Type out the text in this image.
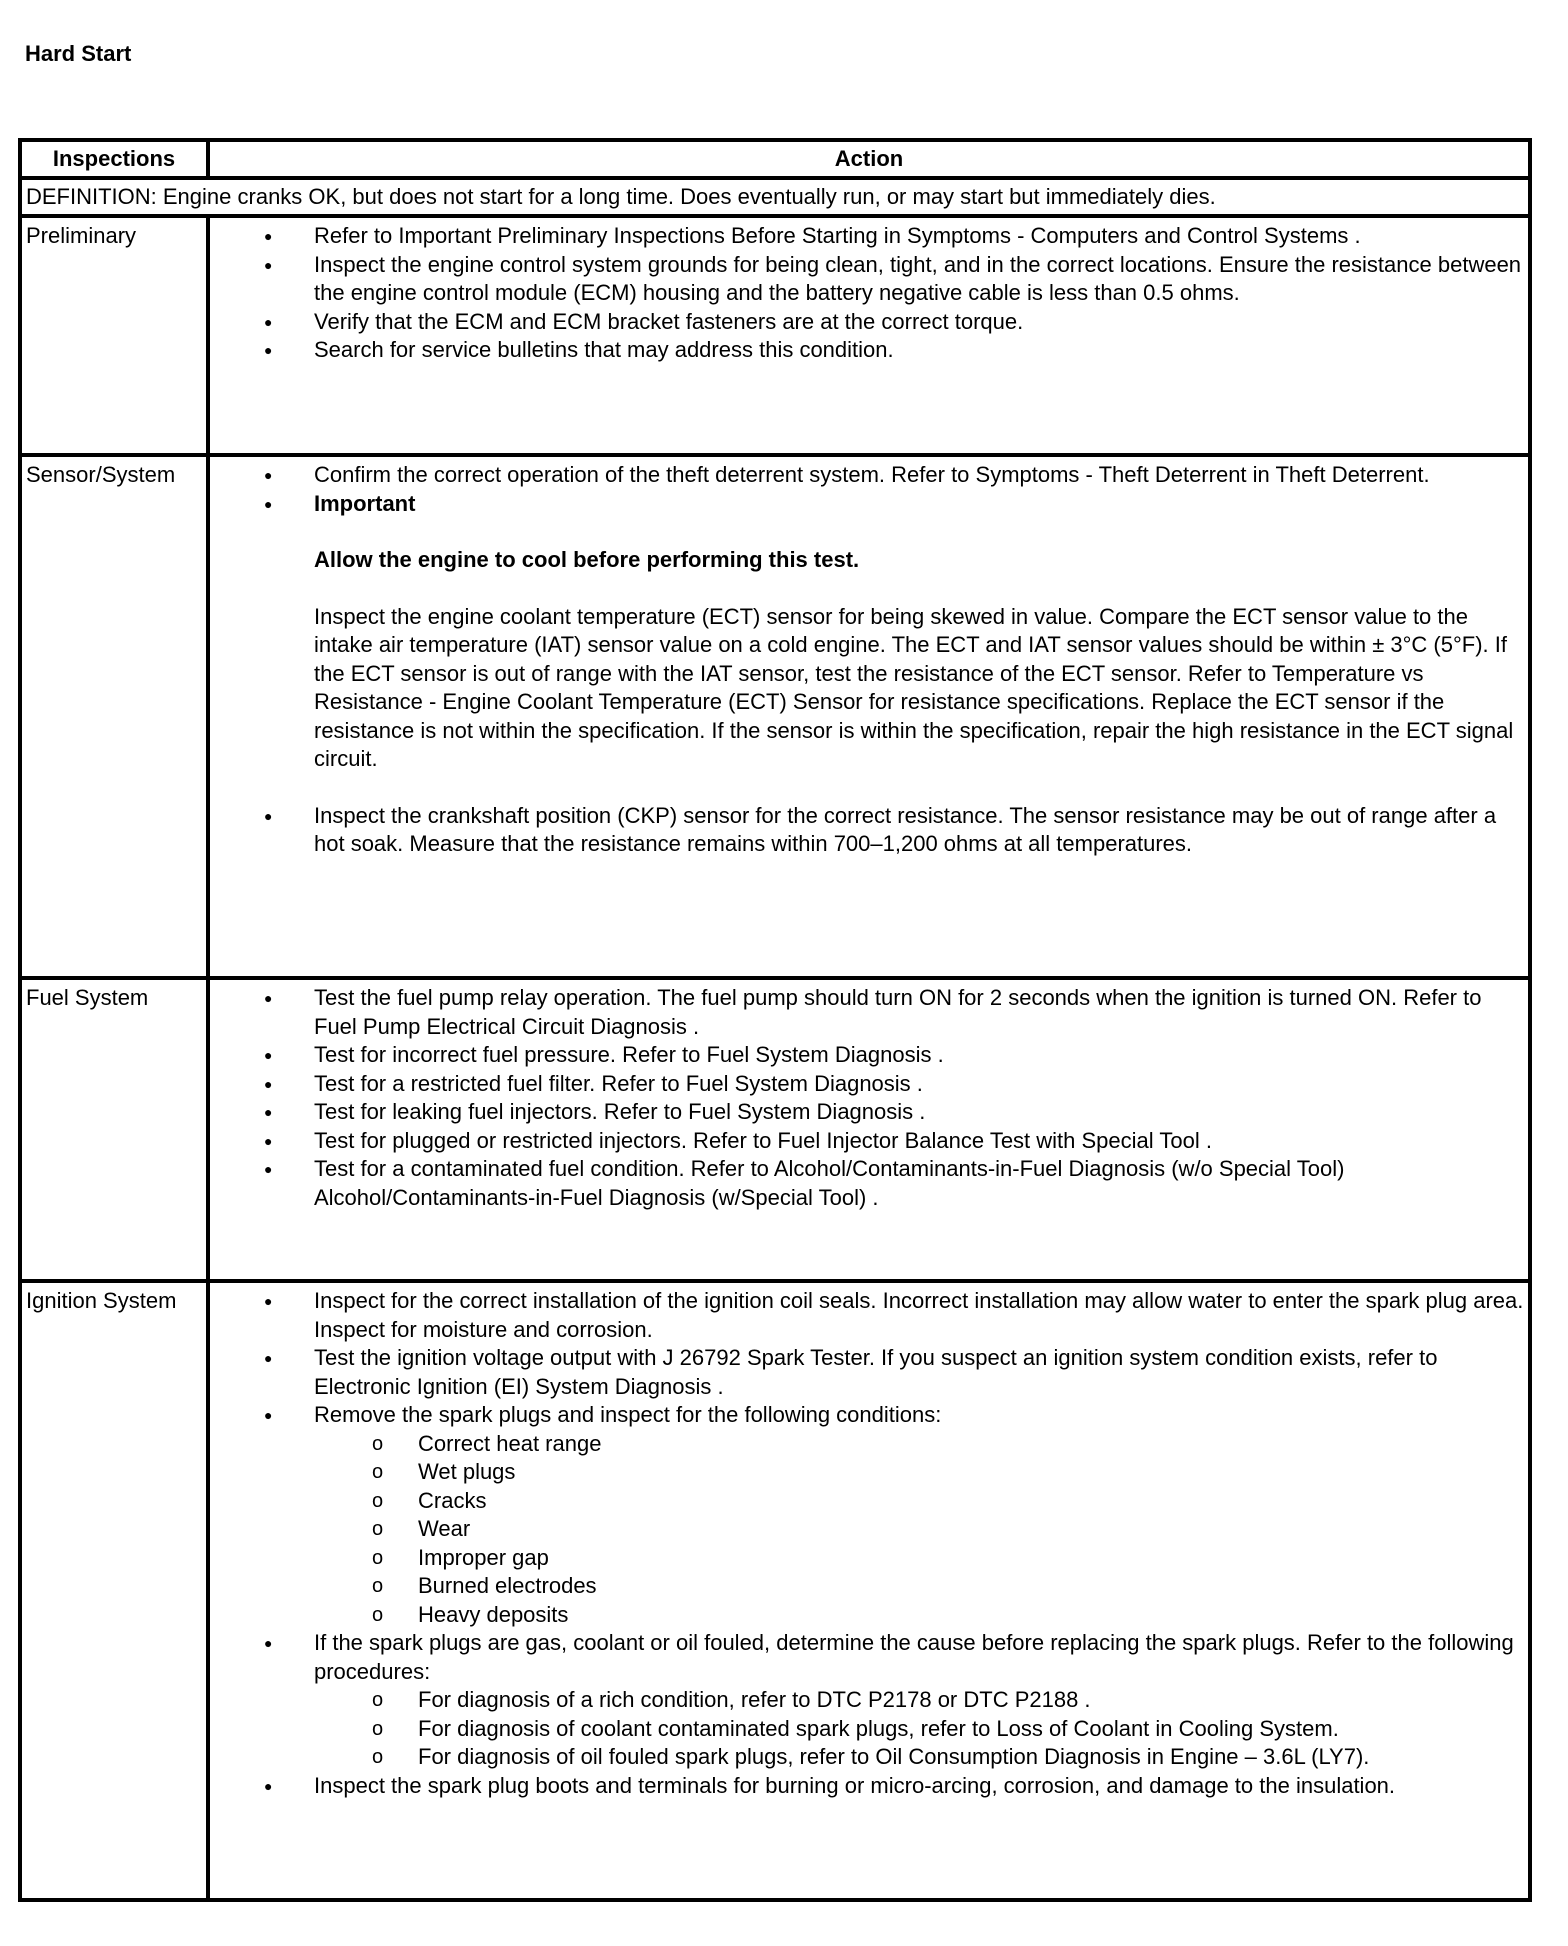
Hard Start
Inspections	Action
DEFINITION: Engine cranks OK, but does not start for a long time. Does eventually run, or may start but immediately dies.	
Preliminary	
●Refer to Important Preliminary Inspections Before Starting in Symptoms - Computers and Control Systems .
● Inspect the engine control system grounds for being clean, tight, and in the correct locations. Ensure the resistance between the engine control module (ECM) housing and the battery negative cable is less than 0.5 ohms.
● Verify that the ECM and ECM bracket fasteners are at the correct torque.
● Search for service bulletins that may address this condition.

Sensor/System	
●Confirm the correct operation of the theft deterrent system. Refer to Symptoms - Theft Deterrent in Theft Deterrent.
● Important
Allow the engine to cool before performing this test.
Inspect the engine coolant temperature (ECT) sensor for being skewed in value. Compare the ECT sensor value to the intake air temperature (IAT) sensor value on a cold engine. The ECT and IAT sensor values should be within ± 3°C (5°F). If the ECT sensor is out of range with the IAT sensor, test the resistance of the ECT sensor. Refer to Temperature vs Resistance - Engine Coolant Temperature (ECT) Sensor for resistance specifications. Replace the ECT sensor if the resistance is not within the specification. If the sensor is within the specification, repair the high resistance in the ECT signal circuit.
● Inspect the crankshaft position (CKP) sensor for the correct resistance. The sensor resistance may be out of range after a hot soak. Measure that the resistance remains within 700–1,200 ohms at all temperatures.

Fuel System	
●Test the fuel pump relay operation. The fuel pump should turn ON for 2 seconds when the ignition is turned ON. Refer to Fuel Pump Electrical Circuit Diagnosis .
● Test for incorrect fuel pressure. Refer to Fuel System Diagnosis .
● Test for a restricted fuel filter. Refer to Fuel System Diagnosis .
● Test for leaking fuel injectors. Refer to Fuel System Diagnosis .
● Test for plugged or restricted injectors. Refer to Fuel Injector Balance Test with Special Tool .
● Test for a contaminated fuel condition. Refer to Alcohol/Contaminants-in-Fuel Diagnosis (w/o Special Tool) Alcohol/Contaminants-in-Fuel Diagnosis (w/Special Tool) .

Ignition System	
●Inspect for the correct installation of the ignition coil seals. Incorrect installation may allow water to enter the spark plug area. Inspect for moisture and corrosion.
● Test the ignition voltage output with J 26792 Spark Tester. If you suspect an ignition system condition exists, refer to Electronic Ignition (EI) System Diagnosis .
● Remove the spark plugs and inspect for the following conditions:
o Correct heat range
o Wet plugs
o Cracks
o Wear
o Improper gap
o Burned electrodes
o Heavy deposits
● If the spark plugs are gas, coolant or oil fouled, determine the cause before replacing the spark plugs. Refer to the following procedures:
o For diagnosis of a rich condition, refer to DTC P2178 or DTC P2188 .
o For diagnosis of coolant contaminated spark plugs, refer to Loss of Coolant in Cooling System.
o For diagnosis of oil fouled spark plugs, refer to Oil Consumption Diagnosis in Engine – 3.6L (LY7).
● Inspect the spark plug boots and terminals for burning or micro-arcing, corrosion, and damage to the insulation.
